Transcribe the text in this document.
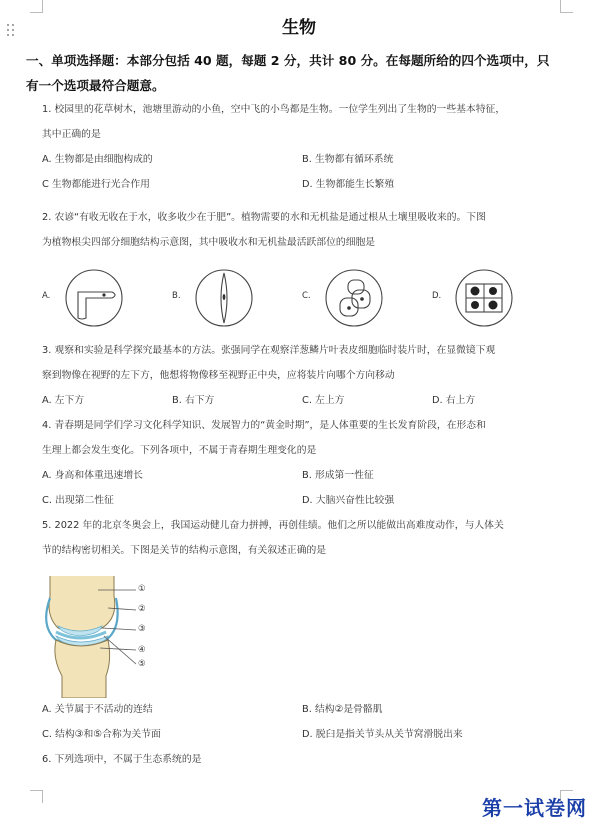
生物
一、单项选择题：本部分包括 40 题，每题 2 分，共计 80 分。在每题所给的四个选项中，只
有一个选项最符合题意。
1. 校园里的花草树木，池塘里游动的小鱼，空中飞的小鸟都是生物。一位学生列出了生物的一些基本特征，
其中正确的是
A. 生物都是由细胞构成的	B. 生物都有循环系统
C 生物都能进行光合作用	D. 生物都能生长繁殖
2. 农谚“有收无收在于水，收多收少在于肥”。植物需要的水和无机盐是通过根从土壤里吸收来的。下图
为植物根尖四部分细胞结构示意图，其中吸收水和无机盐最活跃部位的细胞是
A.	B.	C.	D.
3. 观察和实验是科学探究最基本的方法。张强同学在观察洋葱鳞片叶表皮细胞临时装片时，在显微镜下观
察到物像在视野的左下方，他想将物像移至视野正中央，应将装片向哪个方向移动
A. 左下方	B. 右下方	C. 左上方	D. 右上方
4. 青春期是同学们学习文化科学知识、发展智力的“黄金时期”，是人体重要的生长发育阶段，在形态和
生理上都会发生变化。下列各项中，不属于青春期生理变化的是
A. 身高和体重迅速增长	B. 形成第一性征
C. 出现第二性征	D. 大脑兴奋性比较强
5. 2022 年的北京冬奥会上，我国运动健儿奋力拼搏，再创佳绩。他们之所以能做出高难度动作，与人体关
节的结构密切相关。下图是关节的结构示意图，有关叙述正确的是
①
②
③
④
⑤
A. 关节属于不活动的连结	B. 结构②是骨骼肌
C. 结构③和⑤合称为关节面	D. 脱臼是指关节头从关节窝滑脱出来
6. 下列选项中，不属于生态系统的是
第一试卷网
